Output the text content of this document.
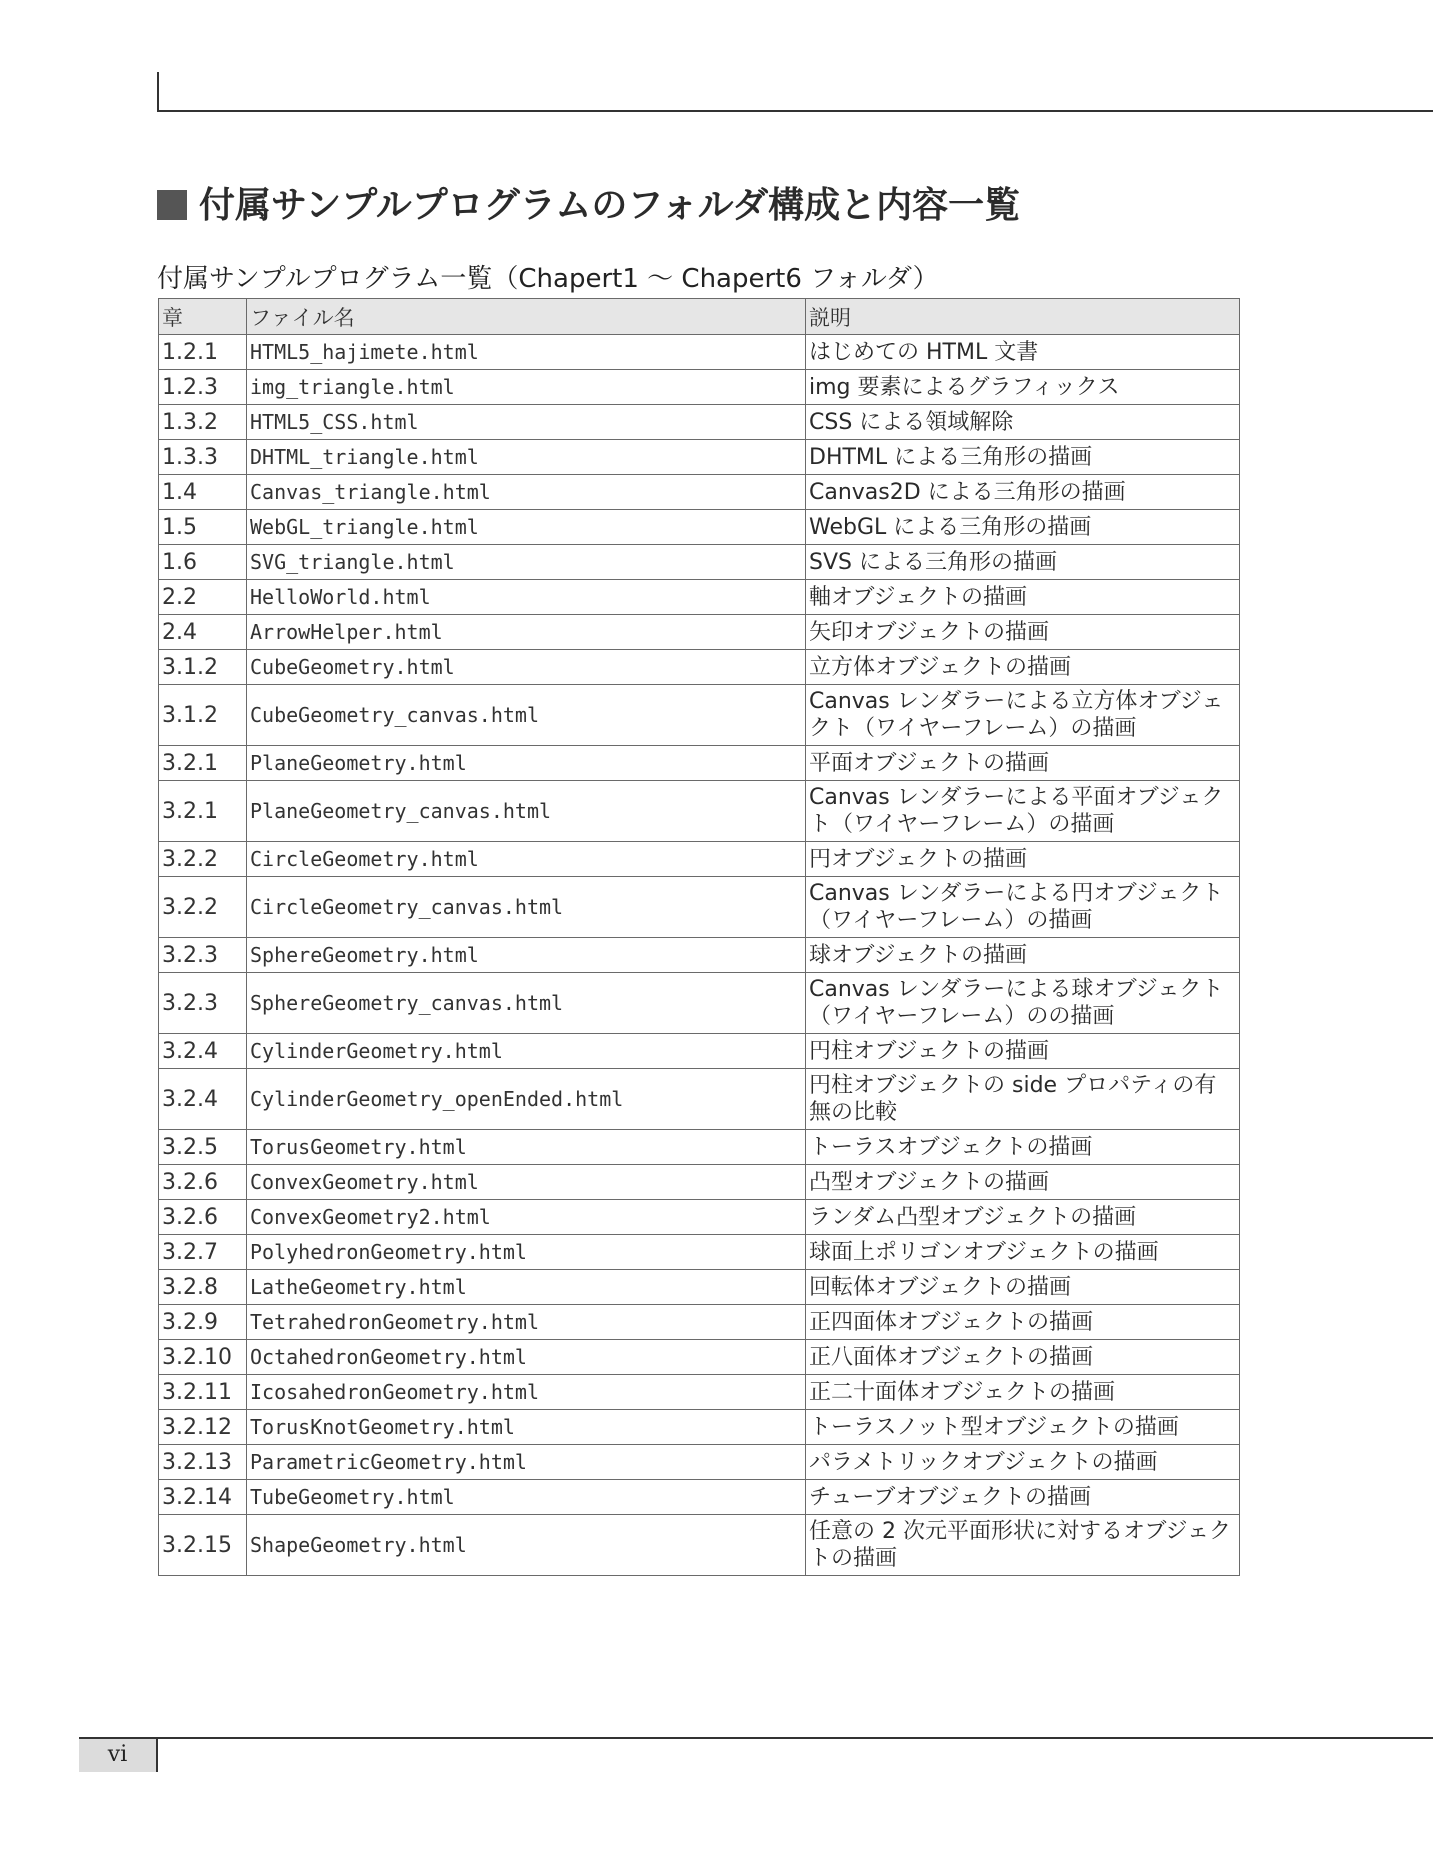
付属サンプルプログラムのフォルダ構成と内容一覧
付属サンプルプログラム一覧（Chapert1 〜 Chapert6 フォルダ）
章	ファイル名	説明
1.2.1	HTML5_hajimete.html	はじめての HTML 文書
1.2.3	img_triangle.html	img 要素によるグラフィックス
1.3.2	HTML5_CSS.html	CSS による領域解除
1.3.3	DHTML_triangle.html	DHTML による三角形の描画
1.4	Canvas_triangle.html	Canvas2D による三角形の描画
1.5	WebGL_triangle.html	WebGL による三角形の描画
1.6	SVG_triangle.html	SVS による三角形の描画
2.2	HelloWorld.html	軸オブジェクトの描画
2.4	ArrowHelper.html	矢印オブジェクトの描画
3.1.2	CubeGeometry.html	立方体オブジェクトの描画
3.1.2	CubeGeometry_canvas.html	Canvas レンダラーによる立方体オブジェクト（ワイヤーフレーム）の描画
3.2.1	PlaneGeometry.html	平面オブジェクトの描画
3.2.1	PlaneGeometry_canvas.html	Canvas レンダラーによる平面オブジェクト（ワイヤーフレーム）の描画
3.2.2	CircleGeometry.html	円オブジェクトの描画
3.2.2	CircleGeometry_canvas.html	Canvas レンダラーによる円オブジェクト（ワイヤーフレーム）の描画
3.2.3	SphereGeometry.html	球オブジェクトの描画
3.2.3	SphereGeometry_canvas.html	Canvas レンダラーによる球オブジェクト（ワイヤーフレーム）のの描画
3.2.4	CylinderGeometry.html	円柱オブジェクトの描画
3.2.4	CylinderGeometry_openEnded.html	円柱オブジェクトの side プロパティの有無の比較
3.2.5	TorusGeometry.html	トーラスオブジェクトの描画
3.2.6	ConvexGeometry.html	凸型オブジェクトの描画
3.2.6	ConvexGeometry2.html	ランダム凸型オブジェクトの描画
3.2.7	PolyhedronGeometry.html	球面上ポリゴンオブジェクトの描画
3.2.8	LatheGeometry.html	回転体オブジェクトの描画
3.2.9	TetrahedronGeometry.html	正四面体オブジェクトの描画
3.2.10	OctahedronGeometry.html	正八面体オブジェクトの描画
3.2.11	IcosahedronGeometry.html	正二十面体オブジェクトの描画
3.2.12	TorusKnotGeometry.html	トーラスノット型オブジェクトの描画
3.2.13	ParametricGeometry.html	パラメトリックオブジェクトの描画
3.2.14	TubeGeometry.html	チューブオブジェクトの描画
3.2.15	ShapeGeometry.html	任意の 2 次元平面形状に対するオブジェクトの描画
vi
